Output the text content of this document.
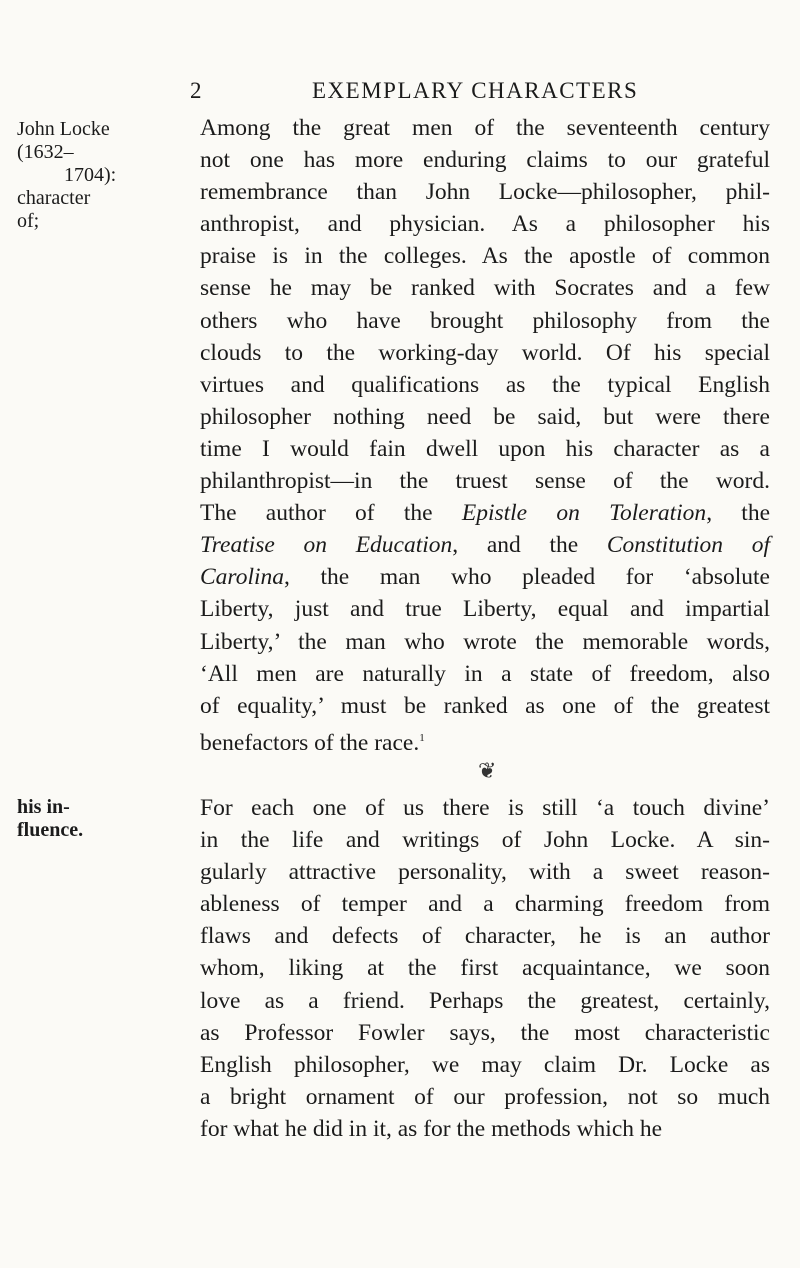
2	EXEMPLARY CHARACTERS
John Locke
(1632–
1704):
character
of;
his in-
fluence.
Among the great men of the seventeenth century
not one has more enduring claims to our grateful
remembrance than John Locke—philosopher, phil-
anthropist, and physician. As a philosopher his
praise is in the colleges. As the apostle of common
sense he may be ranked with Socrates and a few
others who have brought philosophy from the
clouds to the working-day world. Of his special
virtues and qualifications as the typical English
philosopher nothing need be said, but were there
time I would fain dwell upon his character as a
philanthropist—in the truest sense of the word.
The author of the Epistle on Toleration, the
Treatise on Education, and the Constitution of
Carolina, the man who pleaded for ‘absolute
Liberty, just and true Liberty, equal and impartial
Liberty,’ the man who wrote the memorable words,
‘All men are naturally in a state of freedom, also
of equality,’ must be ranked as one of the greatest
benefactors of the race.$^1$
❦
For each one of us there is still ‘a touch divine’
in the life and writings of John Locke. A sin-
gularly attractive personality, with a sweet reason-
ableness of temper and a charming freedom from
flaws and defects of character, he is an author
whom, liking at the first acquaintance, we soon
love as a friend. Perhaps the greatest, certainly,
as Professor Fowler says, the most characteristic
English philosopher, we may claim Dr. Locke as
a bright ornament of our profession, not so much
for what he did in it, as for the methods which he
